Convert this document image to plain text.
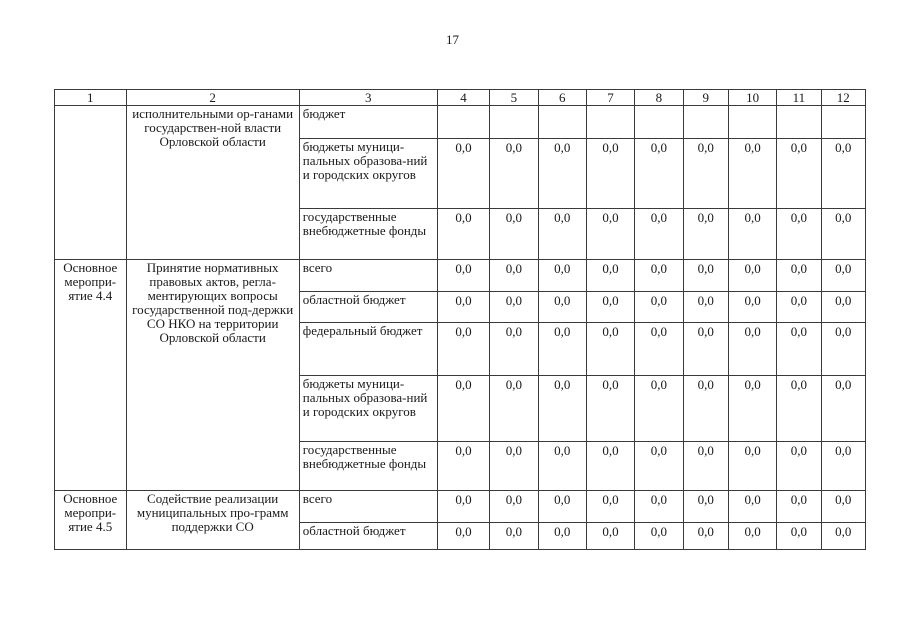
17
1	2	3	4	5	6	7	8	9	10	11	12
	исполнительными ор-ганами государствен-ной власти Орловской области	бюджет									
		бюджеты муници-пальных образова-ний и городских округов	0,0	0,0	0,0	0,0	0,0	0,0	0,0	0,0	0,0
		государственные внебюджетные фонды	0,0	0,0	0,0	0,0	0,0	0,0	0,0	0,0	0,0
Основное меропри-ятие 4.4	Принятие нормативных правовых актов, регла-ментирующих вопросы государственной под-держки СО НКО на территории Орловской области	всего	0,0	0,0	0,0	0,0	0,0	0,0	0,0	0,0	0,0
		областной бюджет	0,0	0,0	0,0	0,0	0,0	0,0	0,0	0,0	0,0
		федеральный бюджет	0,0	0,0	0,0	0,0	0,0	0,0	0,0	0,0	0,0
		бюджеты муници-пальных образова-ний и городских округов	0,0	0,0	0,0	0,0	0,0	0,0	0,0	0,0	0,0
		государственные внебюджетные фонды	0,0	0,0	0,0	0,0	0,0	0,0	0,0	0,0	0,0
Основное меропри-ятие 4.5	Содействие реализации муниципальных про-грамм поддержки СО	всего	0,0	0,0	0,0	0,0	0,0	0,0	0,0	0,0	0,0
		областной бюджет	0,0	0,0	0,0	0,0	0,0	0,0	0,0	0,0	0,0
